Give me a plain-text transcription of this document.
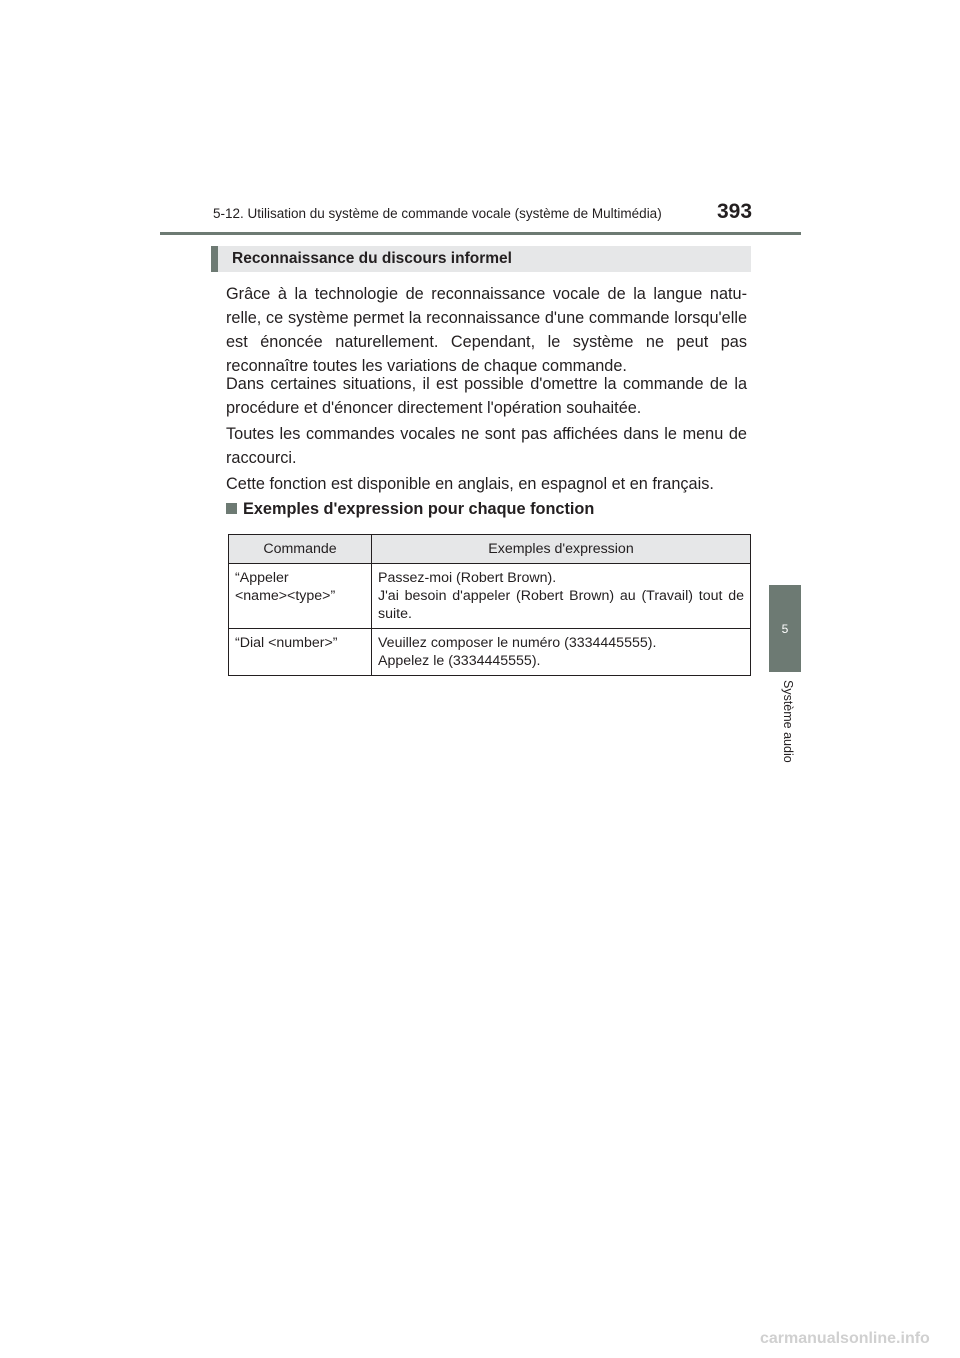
5-12. Utilisation du système de commande vocale (système de Multimédia)	393
5
Système audio
Reconnaissance du discours informel

Grâce à la technologie de reconnaissance vocale de la langue natu- relle, ce système permet la reconnaissance d'une commande lorsqu'elle est énoncée naturellement. Cependant, le système ne peut pas reconnaître toutes les variations de chaque commande.

Dans certaines situations, il est possible d'omettre la commande de la procédure et d'énoncer directement l'opération souhaitée.

Toutes les commandes vocales ne sont pas affichées dans le menu de raccourci.

Cette fonction est disponible en anglais, en espagnol et en français.

Exemples d'expression pour chaque fonction
Commande	Exemples d'expression

“Appeler
<name><type>”	Passez-moi (Robert Brown).
J'ai besoin d'appeler (Robert Brown) au (Travail) tout de suite.

“Dial <number>”	Veuillez composer le numéro (3334445555).
Appelez le (3334445555).
carmanualsonline.info
